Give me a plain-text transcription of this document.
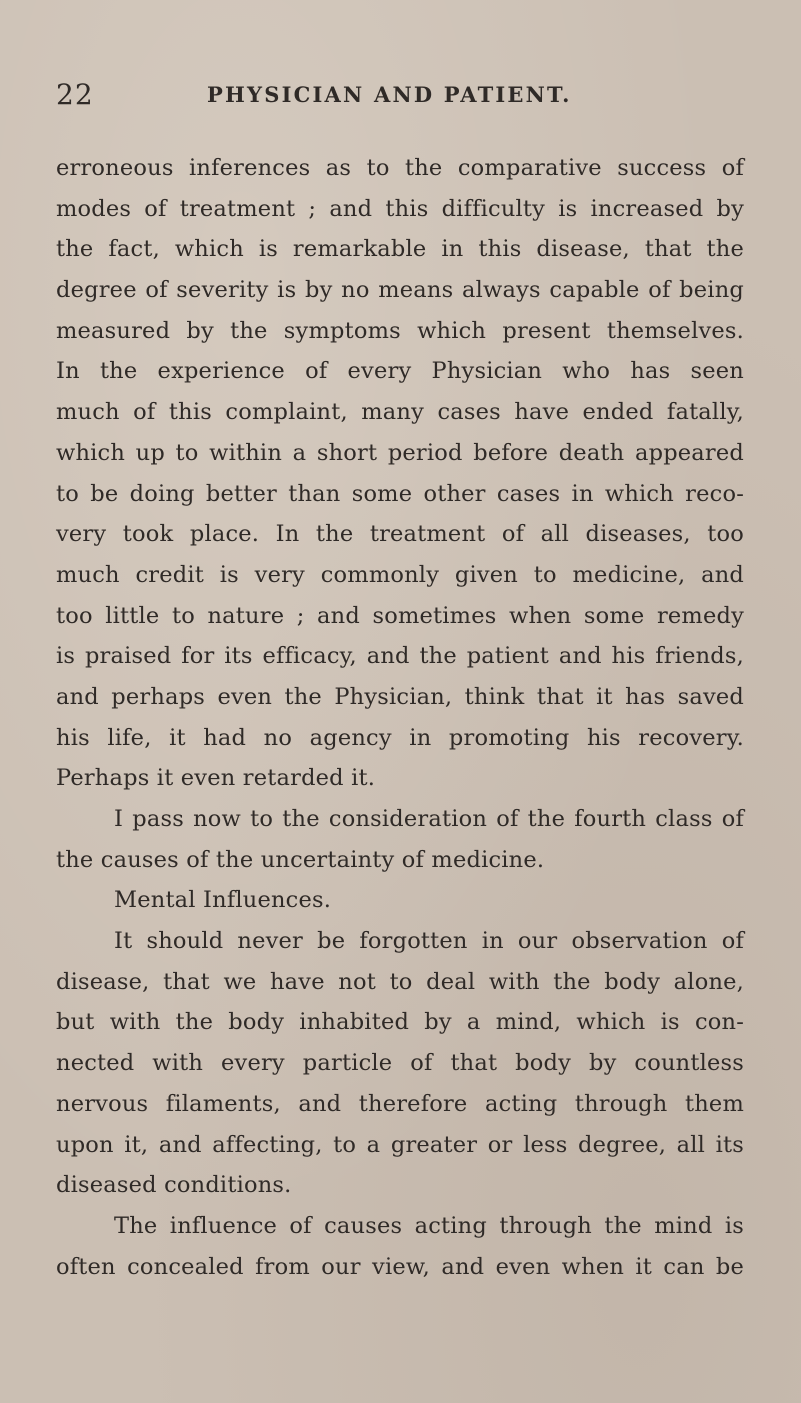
22	PHYSICIAN AND PATIENT.
erroneous inferences as to the comparative success of
modes of treatment ; and this difficulty is increased by
the fact, which is remarkable in this disease, that the
degree of severity is by no means always capable of being
measured by the symptoms which present themselves.
In the experience of every Physician who has seen
much of this complaint, many cases have ended fatally,
which up to within a short period before death appeared
to be doing better than some other cases in which reco-
very took place. In the treatment of all diseases, too
much credit is very commonly given to medicine, and
too little to nature ; and sometimes when some remedy
is praised for its efficacy, and the patient and his friends,
and perhaps even the Physician, think that it has saved
his life, it had no agency in promoting his recovery.
Perhaps it even retarded it.
I pass now to the consideration of the fourth class of
the causes of the uncertainty of medicine.
Mental Influences.
It should never be forgotten in our observation of
disease, that we have not to deal with the body alone,
but with the body inhabited by a mind, which is con-
nected with every particle of that body by countless
nervous filaments, and therefore acting through them
upon it, and affecting, to a greater or less degree, all its
diseased conditions.
The influence of causes acting through the mind is
often concealed from our view, and even when it can be
